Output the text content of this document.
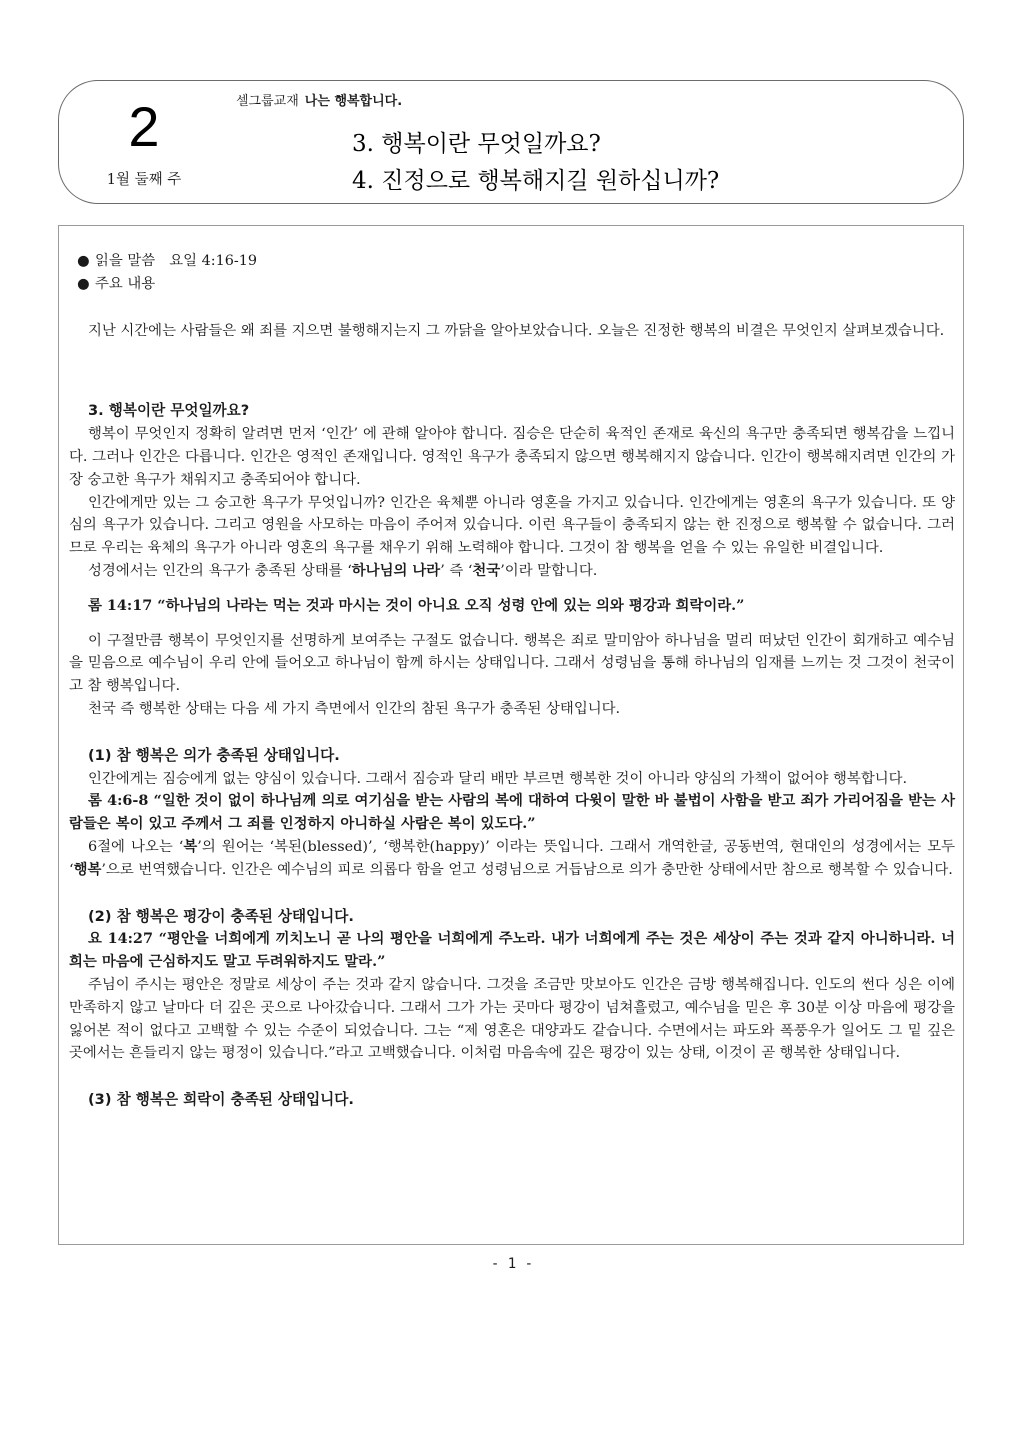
2
1월 둘째 주
셀그룹교재 나는 행복합니다.
3. 행복이란 무엇일까요?
4. 진정으로 행복해지길 원하십니까?

● 읽을 말씀 요일 4:16-19

● 주요 내용

지난 시간에는 사람들은 왜 죄를 지으면 불행해지는지 그 까닭을 알아보았습니다. 오늘은 진정한 행복의 비결은 무엇인지 살펴보겠습니다.

3. 행복이란 무엇일까요?

행복이 무엇인지 정확히 알려면 먼저 ‘인간’ 에 관해 알아야 합니다. 짐승은 단순히 육적인 존재로 육신의 욕구만 충족되면 행복감을 느낍니다. 그러나 인간은 다릅니다. 인간은 영적인 존재입니다. 영적인 욕구가 충족되지 않으면 행복해지지 않습니다. 인간이 행복해지려면 인간의 가장 숭고한 욕구가 채워지고 충족되어야 합니다.

인간에게만 있는 그 숭고한 욕구가 무엇입니까? 인간은 육체뿐 아니라 영혼을 가지고 있습니다. 인간에게는 영혼의 욕구가 있습니다. 또 양심의 욕구가 있습니다. 그리고 영원을 사모하는 마음이 주어져 있습니다. 이런 욕구들이 충족되지 않는 한 진정으로 행복할 수 없습니다. 그러므로 우리는 육체의 욕구가 아니라 영혼의 욕구를 채우기 위해 노력해야 합니다. 그것이 참 행복을 얻을 수 있는 유일한 비결입니다.

성경에서는 인간의 욕구가 충족된 상태를 ‘하나님의 나라’ 즉 ‘천국’이라 말합니다.

롬 14:17 “하나님의 나라는 먹는 것과 마시는 것이 아니요 오직 성령 안에 있는 의와 평강과 희락이라.”

이 구절만큼 행복이 무엇인지를 선명하게 보여주는 구절도 없습니다. 행복은 죄로 말미암아 하나님을 멀리 떠났던 인간이 회개하고 예수님을 믿음으로 예수님이 우리 안에 들어오고 하나님이 함께 하시는 상태입니다. 그래서 성령님을 통해 하나님의 임재를 느끼는 것 그것이 천국이고 참 행복입니다.

천국 즉 행복한 상태는 다음 세 가지 측면에서 인간의 참된 욕구가 충족된 상태입니다.

(1) 참 행복은 의가 충족된 상태입니다.

인간에게는 짐승에게 없는 양심이 있습니다. 그래서 짐승과 달리 배만 부르면 행복한 것이 아니라 양심의 가책이 없어야 행복합니다.

롬 4:6-8 “일한 것이 없이 하나님께 의로 여기심을 받는 사람의 복에 대하여 다윗이 말한 바 불법이 사함을 받고 죄가 가리어짐을 받는 사람들은 복이 있고 주께서 그 죄를 인정하지 아니하실 사람은 복이 있도다.”

6절에 나오는 ‘복’의 원어는 ‘복된(blessed)’, ‘행복한(happy)’ 이라는 뜻입니다. 그래서 개역한글, 공동번역, 현대인의 성경에서는 모두 ‘행복’으로 번역했습니다. 인간은 예수님의 피로 의롭다 함을 얻고 성령님으로 거듭남으로 의가 충만한 상태에서만 참으로 행복할 수 있습니다.

(2) 참 행복은 평강이 충족된 상태입니다.

요 14:27 “평안을 너희에게 끼치노니 곧 나의 평안을 너희에게 주노라. 내가 너희에게 주는 것은 세상이 주는 것과 같지 아니하니라. 너희는 마음에 근심하지도 말고 두려워하지도 말라.”

주님이 주시는 평안은 정말로 세상이 주는 것과 같지 않습니다. 그것을 조금만 맛보아도 인간은 금방 행복해집니다. 인도의 썬다 싱은 이에 만족하지 않고 날마다 더 깊은 곳으로 나아갔습니다. 그래서 그가 가는 곳마다 평강이 넘쳐흘렀고, 예수님을 믿은 후 30분 이상 마음에 평강을 잃어본 적이 없다고 고백할 수 있는 수준이 되었습니다. 그는 “제 영혼은 대양과도 같습니다. 수면에서는 파도와 폭풍우가 일어도 그 밑 깊은 곳에서는 흔들리지 않는 평정이 있습니다.”라고 고백했습니다. 이처럼 마음속에 깊은 평강이 있는 상태, 이것이 곧 행복한 상태입니다.

(3) 참 행복은 희락이 충족된 상태입니다.

- 1 -
